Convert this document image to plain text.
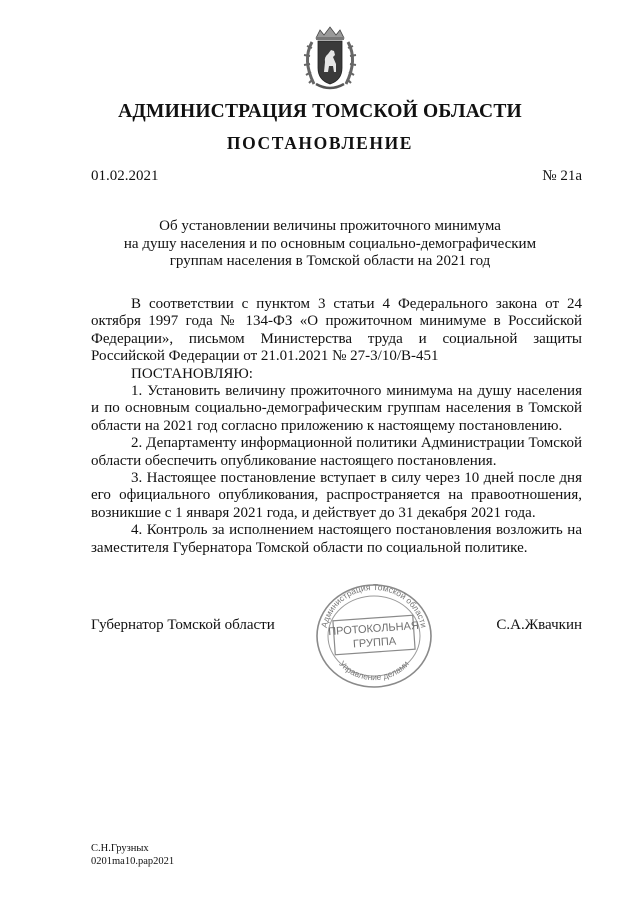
АДМИНИСТРАЦИЯ ТОМСКОЙ ОБЛАСТИ
ПОСТАНОВЛЕНИЕ
01.02.2021	№ 21а
Об установлении величины прожиточного минимума
на душу населения и по основным социально-демографическим
группам населения в Томской области на 2021 год

В соответствии с пунктом 3 статьи 4 Федерального закона от 24 октября 1997 года № 134-ФЗ «О прожиточном минимуме в Российской Федерации», письмом Министерства труда и социальной защиты Российской Федерации от 21.01.2021 № 27-3/10/В-451

ПОСТАНОВЛЯЮ:

1. Установить величину прожиточного минимума на душу населения и по основным социально-демографическим группам населения в Томской области на 2021 год согласно приложению к настоящему постановлению.

2. Департаменту информационной политики Администрации Томской области обеспечить опубликование настоящего постановления.

3. Настоящее постановление вступает в силу через 10 дней после дня его официального опубликования, распространяется на правоотношения, возникшие с 1 января 2021 года, и действует до 31 декабря 2021 года.

4. Контроль за исполнением настоящего постановления возложить на заместителя Губернатора Томской области по социальной политике.

Губернатор Томской области	С.А.Жвачкин
Администрация Томской области
Управление делами
ПРОТОКОЛЬНАЯ
ГРУППА
С.Н.Грузных
0201ma10.pap2021
